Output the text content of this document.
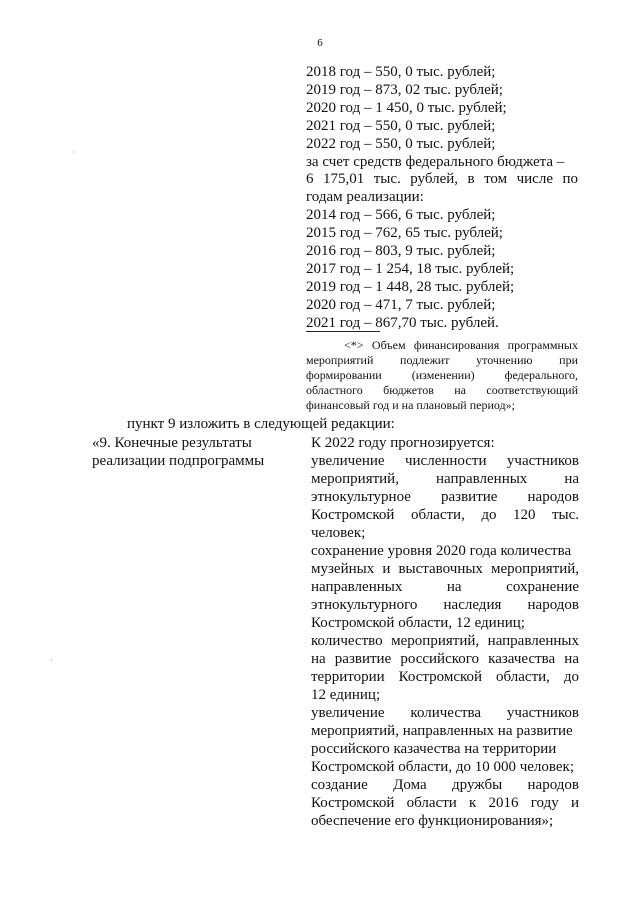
6
2018 год – 550, 0 тыс. рублей;
2019 год – 873, 02 тыс. рублей;
2020 год – 1 450, 0 тыс. рублей;
2021 год – 550, 0 тыс. рублей;
2022 год – 550, 0 тыс. рублей;
за счет средств федерального бюджета –
6 175,01 тыс. рублей, в том числе по
годам реализации:
2014 год – 566, 6 тыс. рублей;
2015 год – 762, 65 тыс. рублей;
2016 год – 803, 9 тыс. рублей;
2017 год – 1 254, 18 тыс. рублей;
2019 год – 1 448, 28 тыс. рублей;
2020 год – 471, 7 тыс. рублей;
2021 год – 867,70 тыс. рублей.
<*> Объем финансирования программных
мероприятий подлежит уточнению при
формировании (изменении) федерального,
областного бюджетов на соответствующий
финансовый год и на плановый период»;
пункт 9 изложить в следующей редакции:
«9. Конечные результаты
реализации подпрограммы
К 2022 году прогнозируется:
увеличение численности участников
мероприятий, направленных на
этнокультурное развитие народов
Костромской области, до 120 тыс.
человек;
сохранение уровня 2020 года количества
музейных и выставочных мероприятий,
направленных на сохранение
этнокультурного наследия народов
Костромской области, 12 единиц;
количество мероприятий, направленных
на развитие российского казачества на
территории Костромской области, до
12 единиц;
увеличение количества участников
мероприятий, направленных на развитие
российского казачества на территории
Костромской области, до 10 000 человек;
создание Дома дружбы народов
Костромской области к 2016 году и
обеспечение его функционирования»;
·
·
